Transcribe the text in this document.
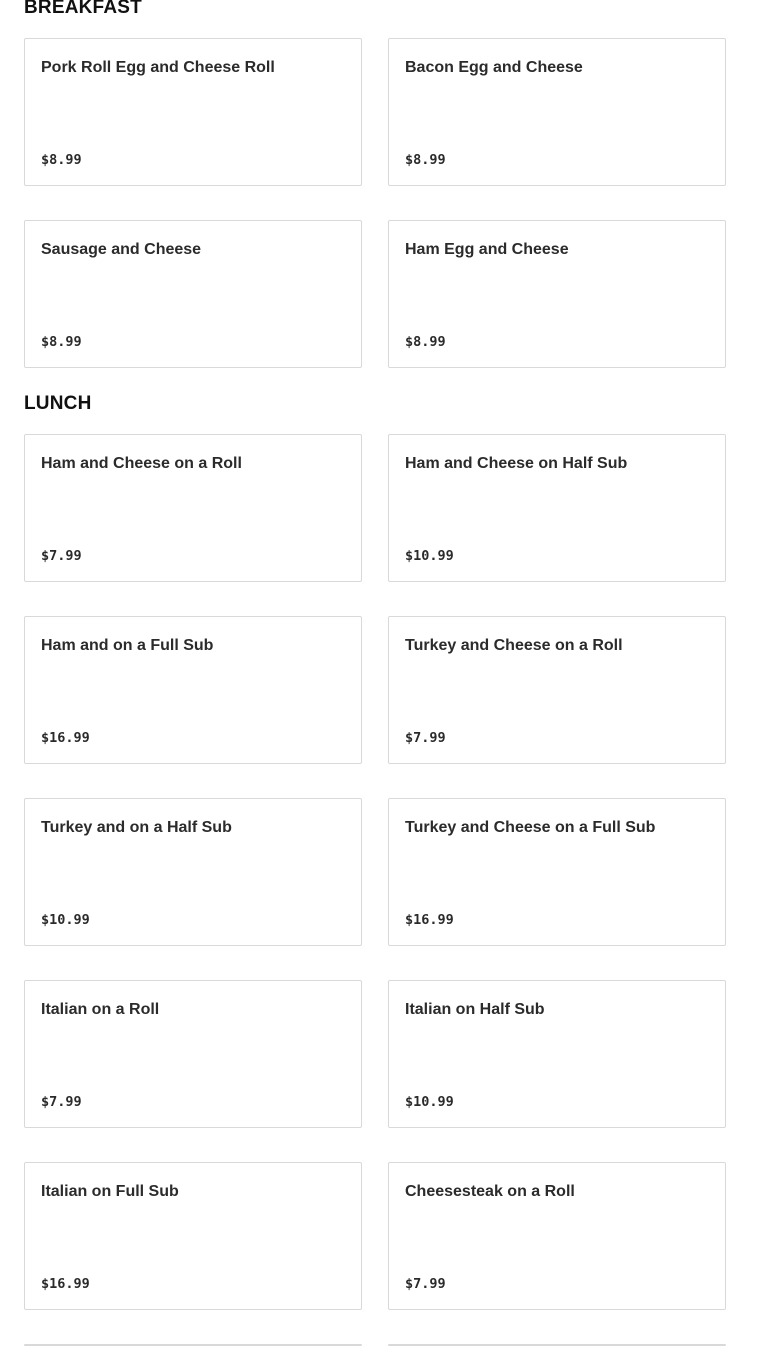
BREAKFAST
Pork Roll Egg and Cheese Roll
$8.99
Bacon Egg and Cheese
$8.99
Sausage and Cheese
$8.99
Ham Egg and Cheese
$8.99
LUNCH
Ham and Cheese on a Roll
$7.99
Ham and Cheese on Half Sub
$10.99
Ham and on a Full Sub
$16.99
Turkey and Cheese on a Roll
$7.99
Turkey and on a Half Sub
$10.99
Turkey and Cheese on a Full Sub
$16.99
Italian on a Roll
$7.99
Italian on Half Sub
$10.99
Italian on Full Sub
$16.99
Cheesesteak on a Roll
$7.99
